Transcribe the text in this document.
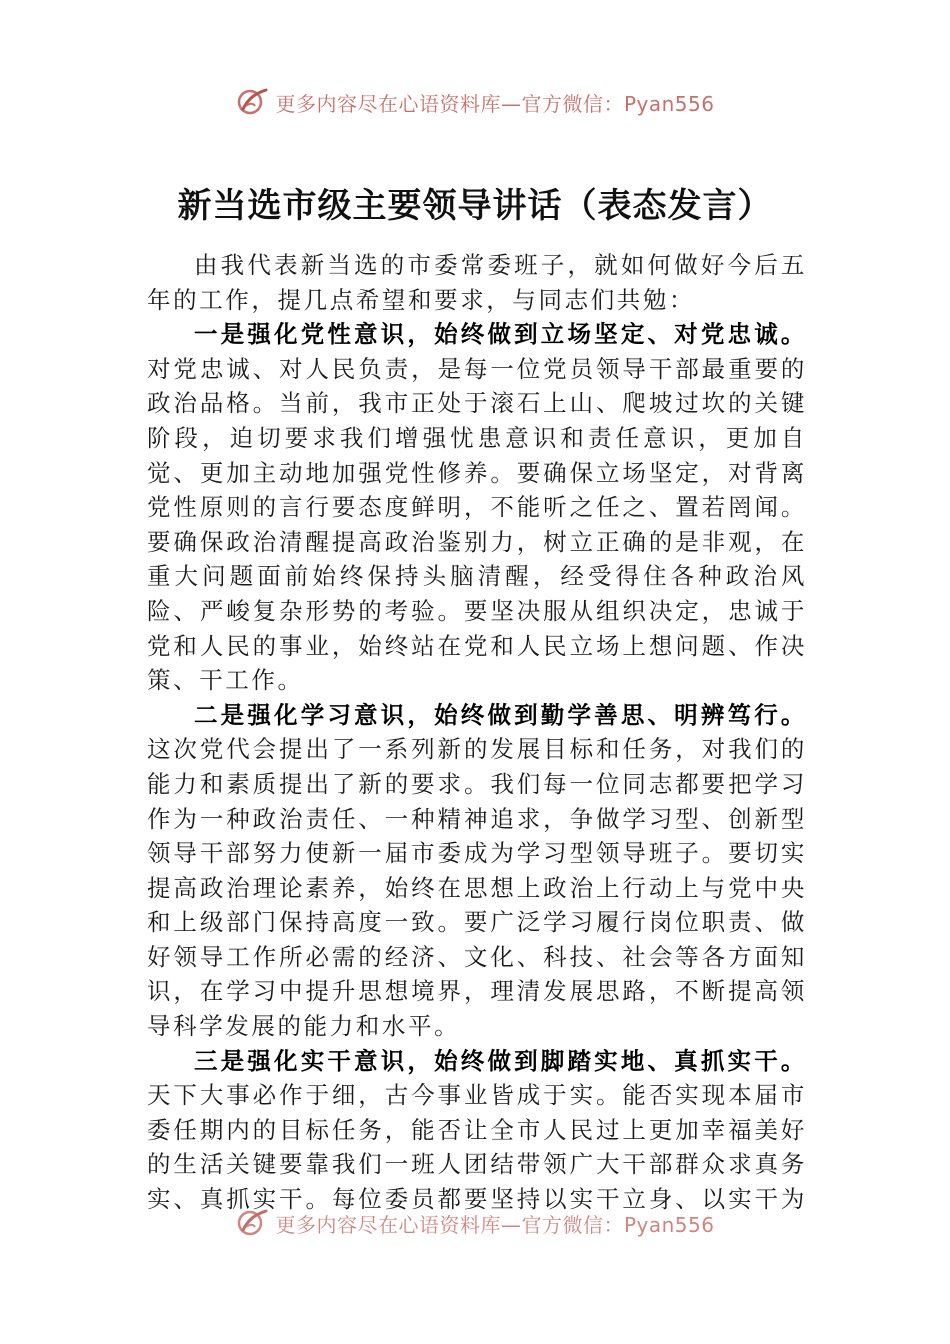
更多内容尽在心语资料库—官方微信：Pyan556
新当选市级主要领导讲话（表态发言）

由我代表新当选的市委常委班子，就如何做好今后五年的工作，提几点希望和要求，与同志们共勉：

一是强化党性意识，始终做到立场坚定、对党忠诚。对党忠诚、对人民负责，是每一位党员领导干部最重要的政治品格。当前，我市正处于滚石上山、爬坡过坎的关键阶段，迫切要求我们增强忧患意识和责任意识，更加自觉、更加主动地加强党性修养。要确保立场坚定，对背离党性原则的言行要态度鲜明，不能听之任之、置若罔闻。要确保政治清醒提高政治鉴别力，树立正确的是非观，在重大问题面前始终保持头脑清醒，经受得住各种政治风险、严峻复杂形势的考验。要坚决服从组织决定，忠诚于党和人民的事业，始终站在党和人民立场上想问题、作决策、干工作。

二是强化学习意识，始终做到勤学善思、明辨笃行。这次党代会提出了一系列新的发展目标和任务，对我们的能力和素质提出了新的要求。我们每一位同志都要把学习作为一种政治责任、一种精神追求，争做学习型、创新型领导干部努力使新一届市委成为学习型领导班子。要切实提高政治理论素养，始终在思想上政治上行动上与党中央和上级部门保持高度一致。要广泛学习履行岗位职责、做好领导工作所必需的经济、文化、科技、社会等各方面知识，在学习中提升思想境界，理清发展思路，不断提高领导科学发展的能力和水平。

三是强化实干意识，始终做到脚踏实地、真抓实干。天下大事必作于细，古今事业皆成于实。能否实现本届市委任期内的目标任务，能否让全市人民过上更加幸福美好的生活关键要靠我们一班人团结带领广大干部群众求真务实、真抓实干。每位委员都要坚持以实干立身、以实干为

更多内容尽在心语资料库—官方微信：Pyan556
